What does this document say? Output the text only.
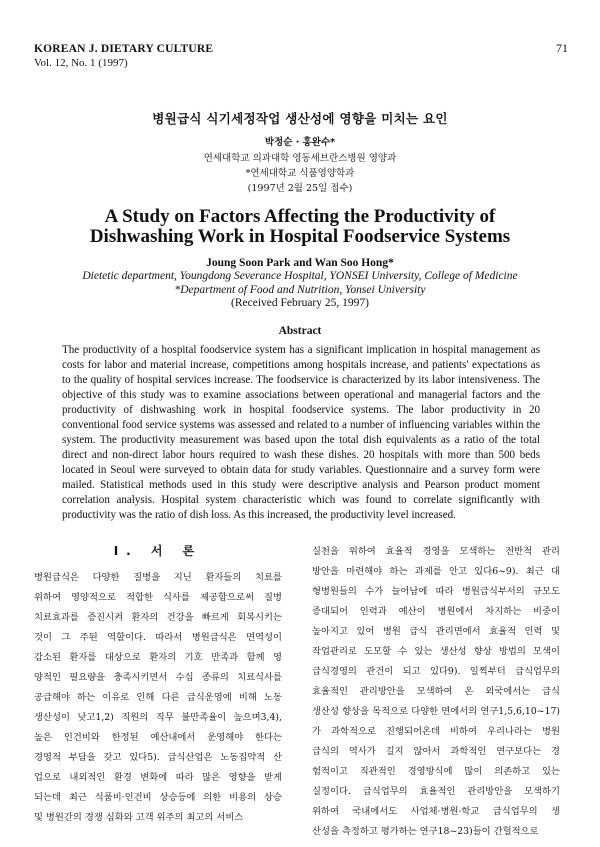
KOREAN J. DIETARY CULTURE
Vol. 12, No. 1 (1997)
71
병원급식 식기세정작업 생산성에 영향을 미치는 요인
박정순 · 홍완수*
연세대학교 의과대학 영동세브란스병원 영양과
*연세대학교 식품영양학과
(1997년 2월 25일 접수)
A Study on Factors Affecting the Productivity of
Dishwashing Work in Hospital Foodservice Systems
Joung Soon Park and Wan Soo Hong*
Dietetic department, Youngdong Severance Hospital, YONSEI University, College of Medicine
*Department of Food and Nutrition, Yonsei University
(Received February 25, 1997)
Abstract

The productivity of a hospital foodservice system has a significant implication in hospital management as costs for labor and material increase, competitions among hospitals increase, and patients' expectations as to the quality of hospital services increase. The foodservice is characterized by its labor intensiveness. The objective of this study was to examine associations between operational and managerial factors and the productivity of dishwashing work in hospital foodservice systems. The labor productivity in 20 conventional food service systems was assessed and related to a number of influencing variables within the system. The productivity measurement was based upon the total dish equivalents as a ratio of the total direct and non-direct labor hours required to wash these dishes. 20 hospitals with more than 500 beds located in Seoul were surveyed to obtain data for study variables. Questionnaire and a survey form were mailed. Statistical methods used in this study were descriptive analysis and Pearson product moment correlation analysis. Hospital system characteristic which was found to correlate significantly with productivity was the ratio of dish loss. As this increased, the productivity level increased.

I. 서 론
병원급식은 다양한 질병을 지닌 환자들의 치료를
위하여 영양적으로 적합한 식사를 제공함으로써 질병
치료효과를 증진시켜 환자의 건강을 빠르게 회복시키는
것이 그 주된 역할이다. 따라서 병원급식은 면역성이
감소된 환자를 대상으로 환자의 기호 만족과 함께 영
양적인 필요량을 충족시키면서 수십 종류의 치료식사를
공급해야 하는 이유로 인해 다른 급식운영에 비해 노동
생산성이 낮고1,2) 직원의 직무 불만족율이 높으며3,4),
높은 인건비와 한정된 예산내에서 운영해야 한다는
경영적 부담을 갖고 있다5). 급식산업은 노동집약적 산
업으로 내외적인 환경 변화에 따라 많은 영향을 받게
되는데 최근 식품비·인건비 상승등에 의한 비용의 상승
및 병원간의 경쟁 심화와 고객 위주의 최고의 서비스
실천을 위하여 효율적 경영을 모색하는 전반적 관리
방안을 마련해야 하는 과제를 안고 있다6~9). 최근 대
형병원들의 수가 늘어남에 따라 병원급식부서의 규모도
증대되어 인력과 예산이 병원에서 차지하는 비중이
높아지고 있어 병원 급식 관리면에서 효율적 인력 및
작업관리로 도모할 수 있는 생산성 향상 방법의 모색이
급식경영의 관건이 되고 있다9). 일찍부터 급식업무의
효율적인 관리방안을 모색하여 온 외국에서는 급식
생산성 향상을 목적으로 다양한 면에서의 연구1,5,6,10~17)
가 과학적으로 진행되어온데 비하여 우리나라는 병원
급식의 역사가 길지 않아서 과학적인 연구보다는 경
험적이고 직관적인 경영방식에 많이 의존하고 있는
실정이다. 급식업무의 효율적인 관리방안을 모색하기
위하여 국내에서도 사업체·병원·학교 급식업무의 생
산성을 측정하고 평가하는 연구18~23)들이 간헐적으로
